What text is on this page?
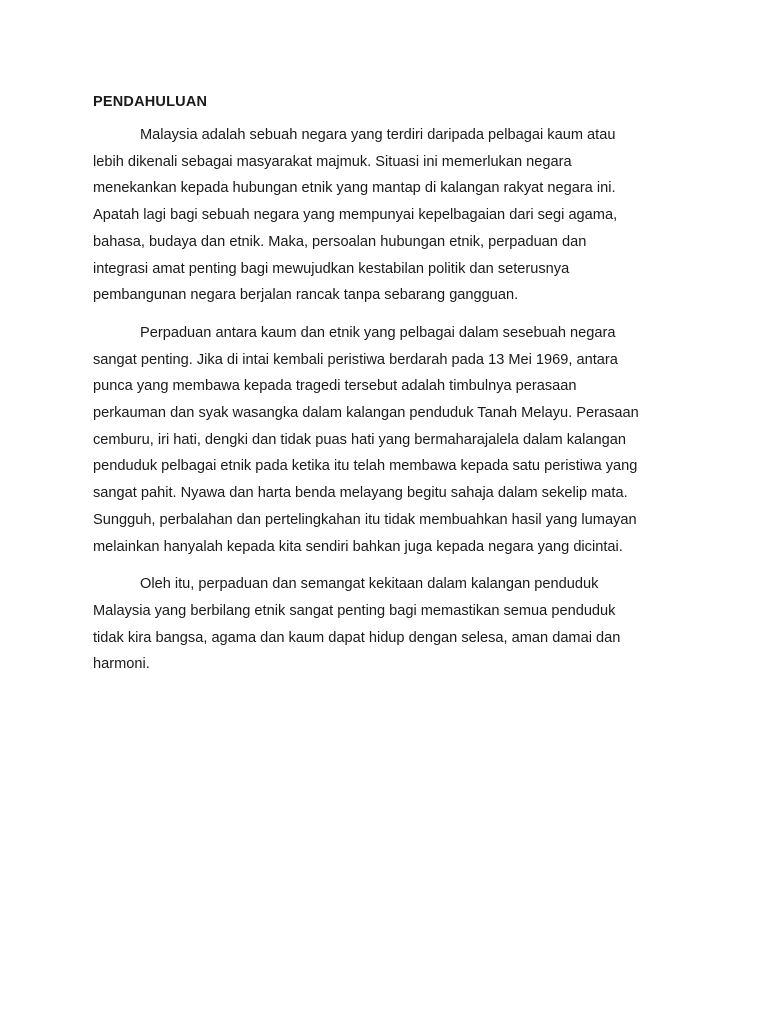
PENDAHULUAN
Malaysia adalah sebuah negara yang terdiri daripada pelbagai kaum atau
lebih dikenali sebagai masyarakat majmuk. Situasi ini memerlukan negara
menekankan kepada hubungan etnik yang mantap di kalangan rakyat negara ini.
Apatah lagi bagi sebuah negara yang mempunyai kepelbagaian dari segi agama,
bahasa, budaya dan etnik. Maka, persoalan hubungan etnik, perpaduan dan
integrasi amat penting bagi mewujudkan kestabilan politik dan seterusnya
pembangunan negara berjalan rancak tanpa sebarang gangguan.
Perpaduan antara kaum dan etnik yang pelbagai dalam sesebuah negara
sangat penting. Jika di intai kembali peristiwa berdarah pada 13 Mei 1969, antara
punca yang membawa kepada tragedi tersebut adalah timbulnya perasaan
perkauman dan syak wasangka dalam kalangan penduduk Tanah Melayu. Perasaan
cemburu, iri hati, dengki dan tidak puas hati yang bermaharajalela dalam kalangan
penduduk pelbagai etnik pada ketika itu telah membawa kepada satu peristiwa yang
sangat pahit. Nyawa dan harta benda melayang begitu sahaja dalam sekelip mata.
Sungguh, perbalahan dan pertelingkahan itu tidak membuahkan hasil yang lumayan
melainkan hanyalah kepada kita sendiri bahkan juga kepada negara yang dicintai.
Oleh itu, perpaduan dan semangat kekitaan dalam kalangan penduduk
Malaysia yang berbilang etnik sangat penting bagi memastikan semua penduduk
tidak kira bangsa, agama dan kaum dapat hidup dengan selesa, aman damai dan
harmoni.
